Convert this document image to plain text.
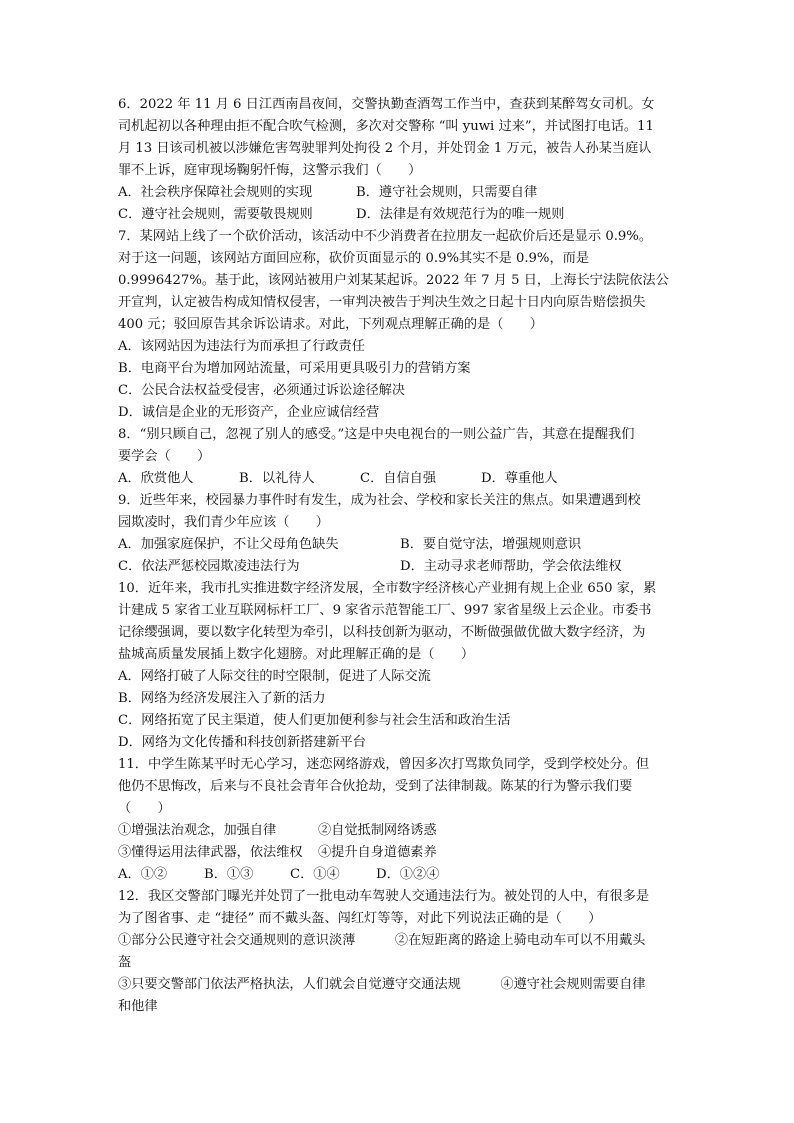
6．2022 年 11 月 6 日江西南昌夜间，交警执勤查酒驾工作当中，查获到某醉驾女司机。女
司机起初以各种理由拒不配合吹气检测，多次对交警称 “叫 yuwi 过来”，并试图打电话。11
月 13 日该司机被以涉嫌危害驾驶罪判处拘役 2 个月，并处罚金 1 万元，被告人孙某当庭认
罪不上诉，庭审现场鞠躬忏悔，这警示我们（　　）
A．社会秩序保障社会规则的实现	B．遵守社会规则，只需要自律
C．遵守社会规则，需要敬畏规则	D．法律是有效规范行为的唯一规则
7．某网站上线了一个砍价活动，该活动中不少消费者在拉朋友一起砍价后还是显示 0.9%。
对于这一问题，该网站方面回应称，砍价页面显示的 0.9%其实不是 0.9%，而是
0.9996427%。基于此，该网站被用户刘某某起诉。2022 年 7 月 5 日，上海长宁法院依法公
开宣判，认定被告构成知情权侵害，一审判决被告于判决生效之日起十日内向原告赔偿损失
400 元；驳回原告其余诉讼请求。对此，下列观点理解正确的是（　　）
A．该网站因为违法行为而承担了行政责任
B．电商平台为增加网站流量，可采用更具吸引力的营销方案
C．公民合法权益受侵害，必须通过诉讼途径解决
D．诚信是企业的无形资产，企业应诚信经营
8．“别只顾自己，忽视了别人的感受。”这是中央电视台的一则公益广告，其意在提醒我们
要学会（　　）
A．欣赏他人	B．以礼待人	C．自信自强	D．尊重他人
9．近些年来，校园暴力事件时有发生，成为社会、学校和家长关注的焦点。如果遭遇到校
园欺凌时，我们青少年应该（　　）
A．加强家庭保护，不让父母角色缺失	B．要自觉守法，增强规则意识
C．依法严惩校园欺凌违法行为	D．主动寻求老师帮助，学会依法维权
10．近年来，我市扎实推进数字经济发展，全市数字经济核心产业拥有规上企业 650 家，累
计建成 5 家省工业互联网标杆工厂、9 家省示范智能工厂、997 家省星级上云企业。市委书
记徐缨强调，要以数字化转型为牵引，以科技创新为驱动，不断做强做优做大数字经济，为
盐城高质量发展插上数字化翅膀。对此理解正确的是（　　）
A．网络打破了人际交往的时空限制，促进了人际交流
B．网络为经济发展注入了新的活力
C．网络拓宽了民主渠道，使人们更加便利参与社会生活和政治生活
D．网络为文化传播和科技创新搭建新平台
11．中学生陈某平时无心学习，迷恋网络游戏，曾因多次打骂欺负同学，受到学校处分。但
他仍不思悔改，后来与不良社会青年合伙抢劫，受到了法律制裁。陈某的行为警示我们要
（　　）
①增强法治观念，加强自律	②自觉抵制网络诱惑
③懂得运用法律武器，依法维权	④提升自身道德素养
A．①②	B．①③	C．①④	D．①②④
12．我区交警部门曝光并处罚了一批电动车驾驶人交通违法行为。被处罚的人中，有很多是
为了图省事、走 “捷径” 而不戴头盔、闯红灯等等，对此下列说法正确的是（　　）
①部分公民遵守社会交通规则的意识淡薄　　　②在短距离的路途上骑电动车可以不用戴头
盔
③只要交警部门依法严格执法，人们就会自觉遵守交通法规　　　④遵守社会规则需要自律
和他律
